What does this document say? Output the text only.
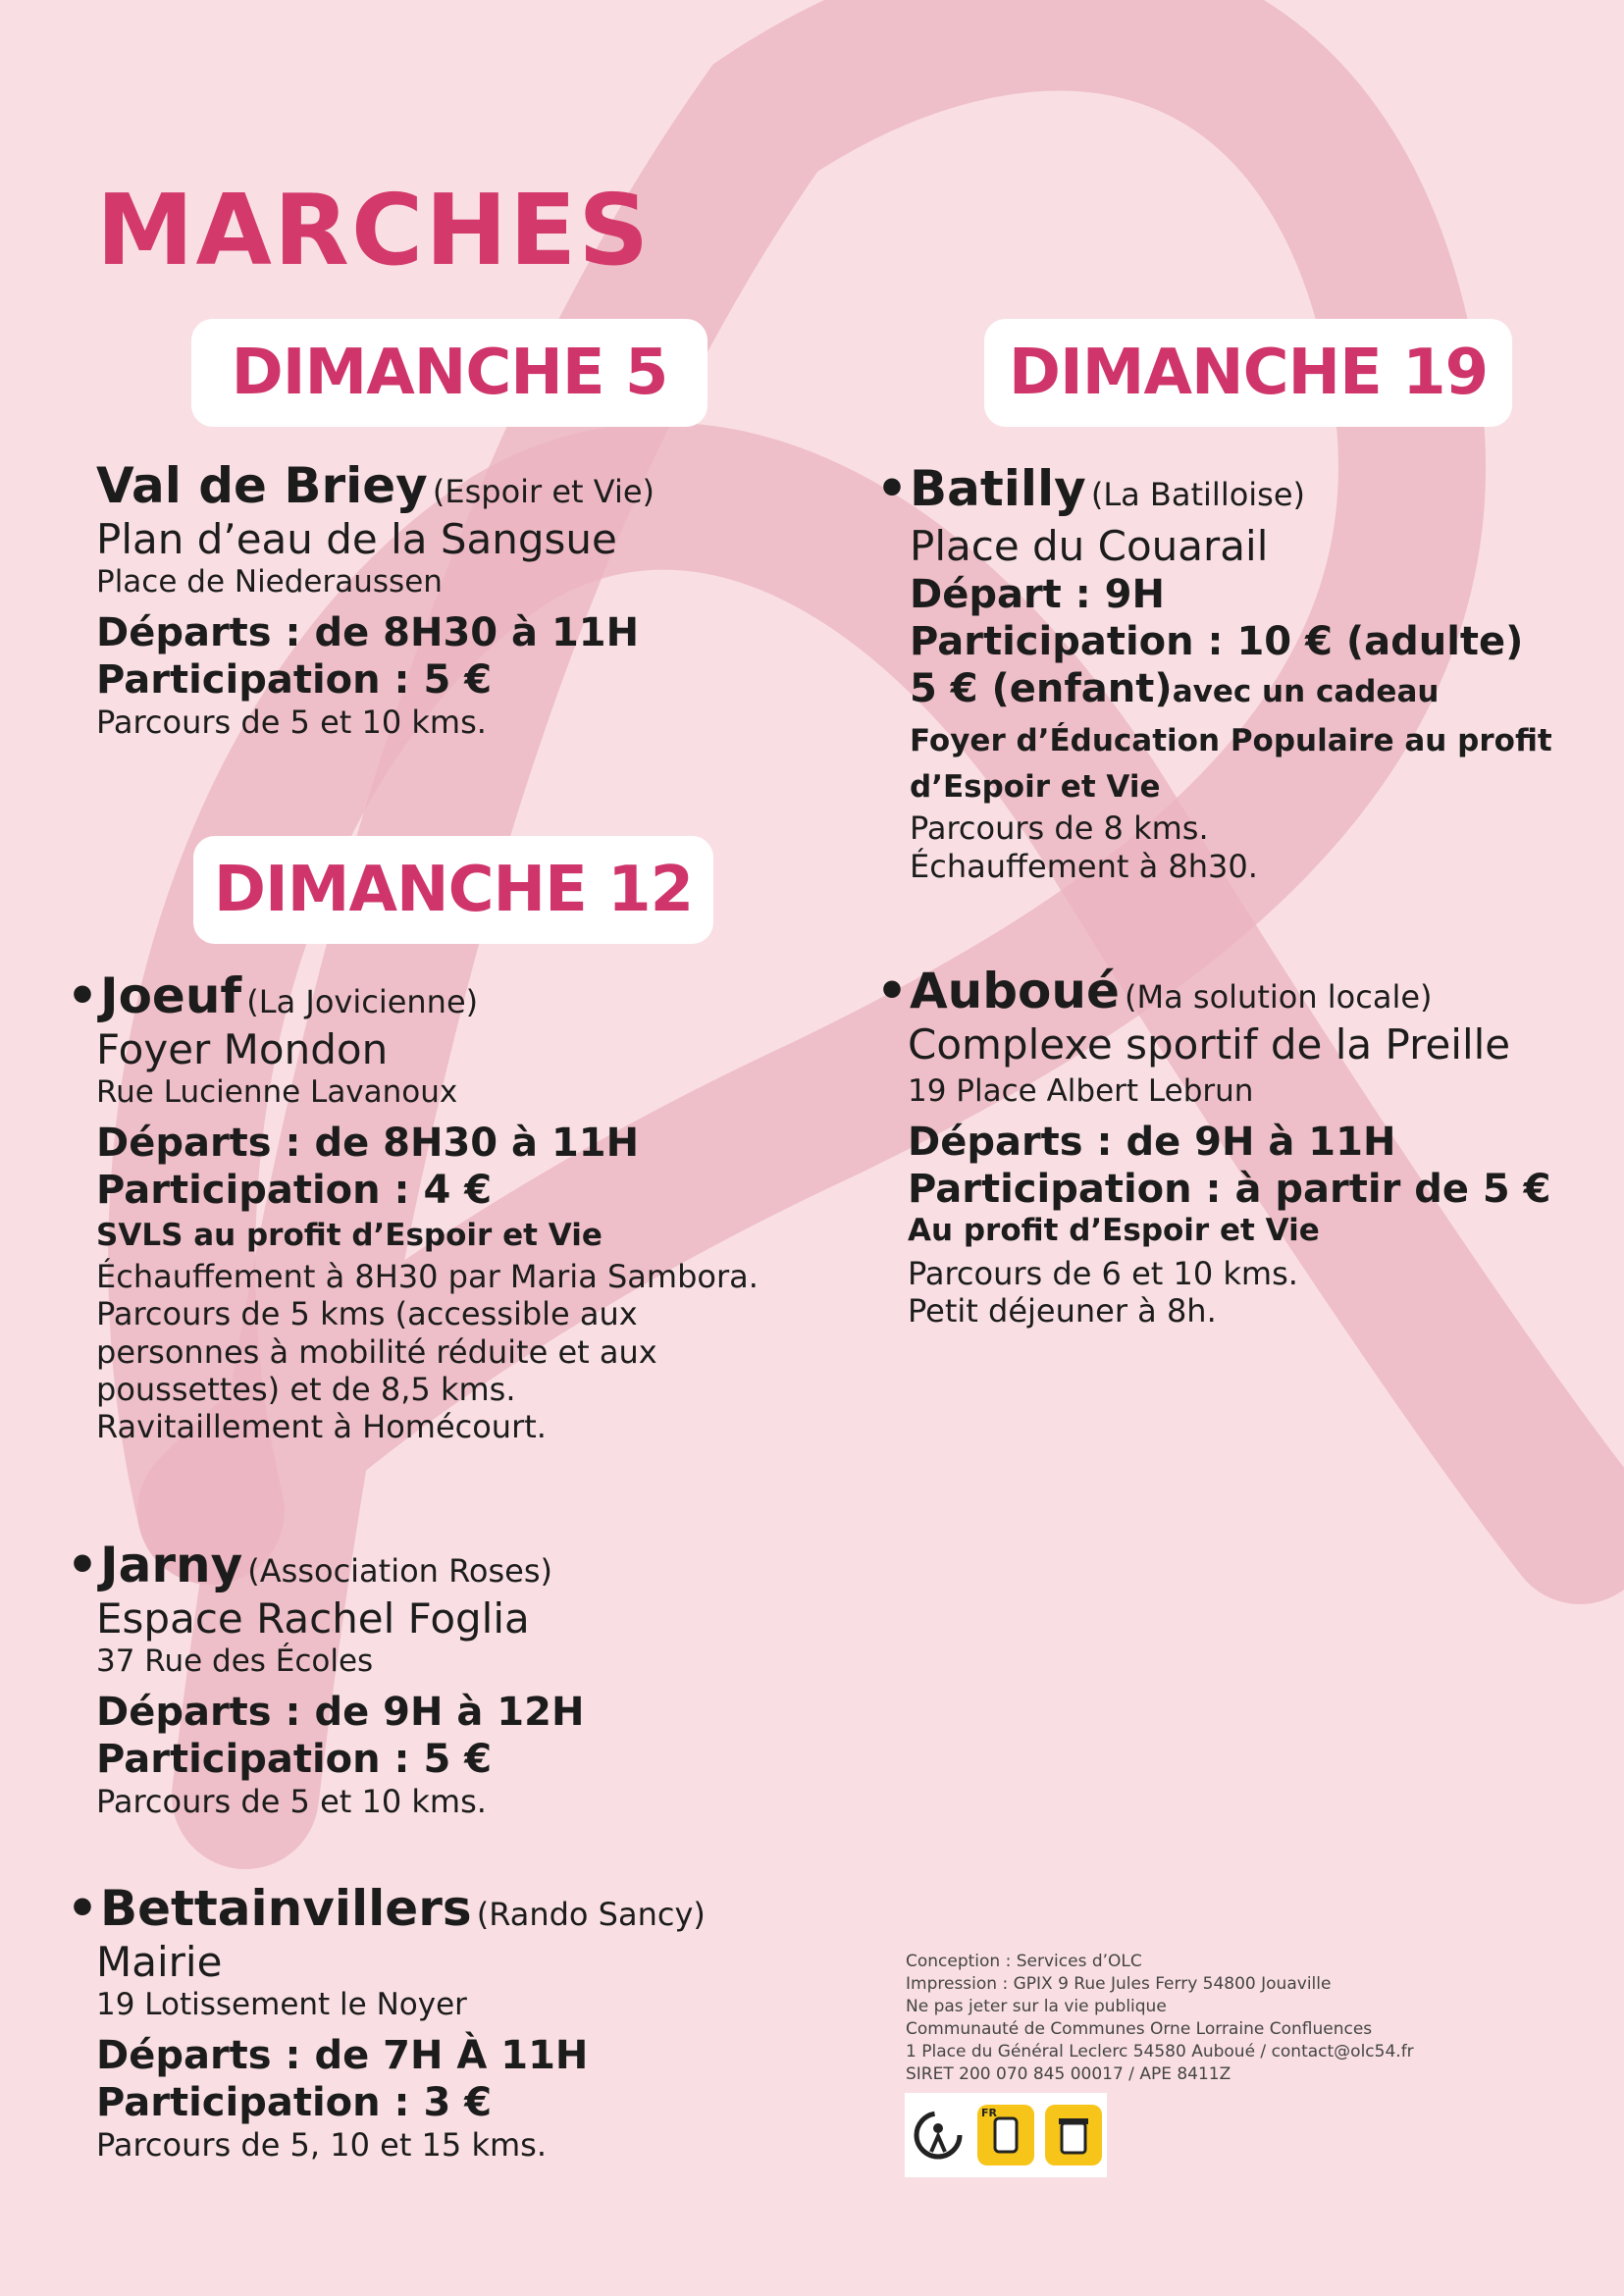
MARCHES
DIMANCHE 5
Val de Briey (Espoir et Vie)
Plan d’eau de la Sangsue
Place de Niederaussen
Départs : de 8H30 à 11H
Participation : 5 €
Parcours de 5 et 10 kms.
DIMANCHE 12
•Joeuf (La Jovicienne)
Foyer Mondon
Rue Lucienne Lavanoux
Départs : de 8H30 à 11H
Participation : 4 €
SVLS au profit d’Espoir et Vie
Échauffement à 8H30 par Maria Sambora.
Parcours de 5 kms (accessible aux
personnes à mobilité réduite et aux
poussettes) et de 8,5 kms.
Ravitaillement à Homécourt.
•Jarny (Association Roses)
Espace Rachel Foglia
37 Rue des Écoles
Départs : de 9H à 12H
Participation : 5 €
Parcours de 5 et 10 kms.
•Bettainvillers (Rando Sancy)
Mairie
19 Lotissement le Noyer
Départs : de 7H À 11H
Participation : 3 €
Parcours de 5, 10 et 15 kms.
DIMANCHE 19
•Batilly (La Batilloise)
Place du Couarail
Départ : 9H
Participation : 10 € (adulte)
5 € (enfant)avec un cadeau
Foyer d’Éducation Populaire au profit
d’Espoir et Vie
Parcours de 8 kms.
Échauffement à 8h30.
•Auboué (Ma solution locale)
Complexe sportif de la Preille
19 Place Albert Lebrun
Départs : de 9H à 11H
Participation : à partir de 5 €
Au profit d’Espoir et Vie
Parcours de 6 et 10 kms.
Petit déjeuner à 8h.
Conception : Services d’OLC
Impression : GPIX 9 Rue Jules Ferry 54800 Jouaville
Ne pas jeter sur la vie publique
Communauté de Communes Orne Lorraine Confluences
1 Place du Général Leclerc 54580 Auboué / contact@olc54.fr
SIRET 200 070 845 00017 / APE 8411Z
FR
